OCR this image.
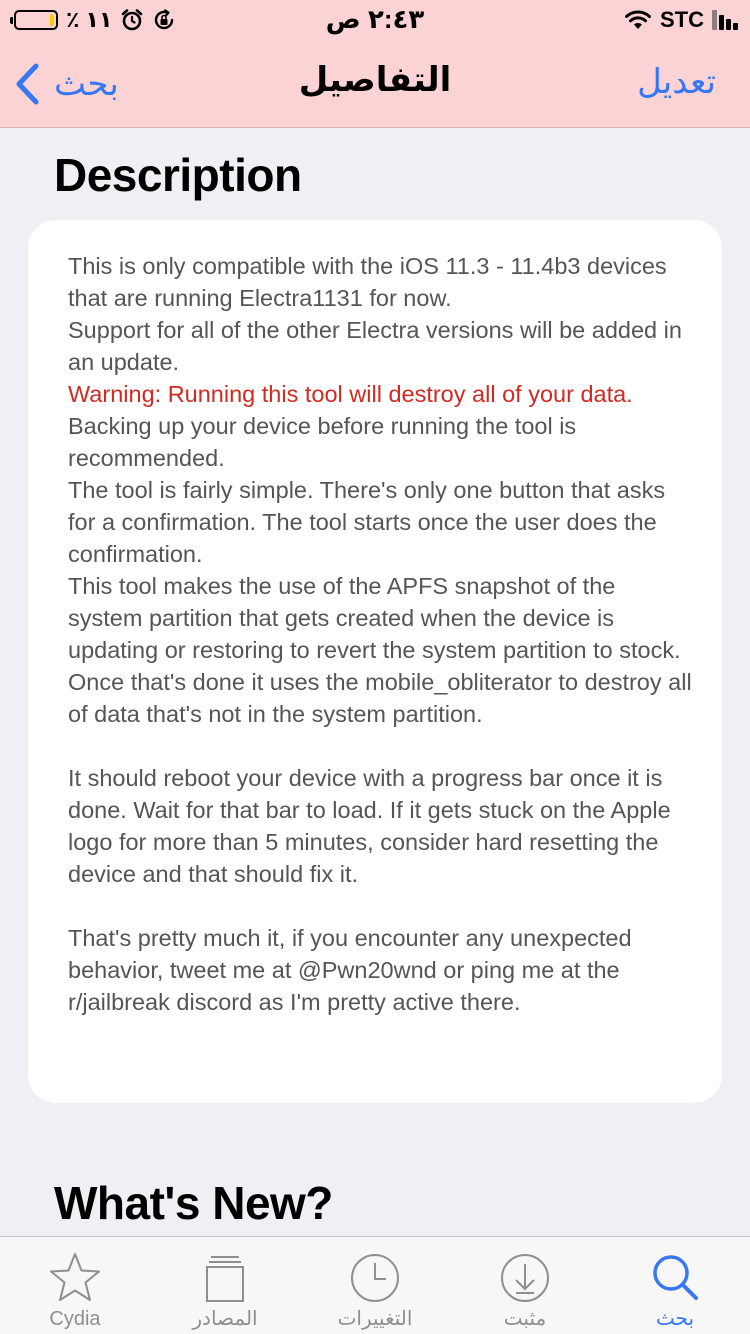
٪ ١١	٢:٤٣ ص	STC
بحث	التفاصيل	تعديل
Description

This is only compatible with the iOS 11.3 - 11.4b3 devices that are running Electra1131 for now.

Support for all of the other Electra versions will be added in an update.

Warning: Running this tool will destroy all of your data.

Backing up your device before running the tool is recommended.

The tool is fairly simple. There's only one button that asks for a confirmation. The tool starts once the user does the confirmation.

This tool makes the use of the APFS snapshot of the system partition that gets created when the device is updating or restoring to revert the system partition to stock.

Once that's done it uses the mobile_obliterator to destroy all of data that's not in the system partition.

It should reboot your device with a progress bar once it is done. Wait for that bar to load. If it gets stuck on the Apple logo for more than 5 minutes, consider hard resetting the device and that should fix it.

That's pretty much it, if you encounter any unexpected behavior, tweet me at @Pwn20wnd or ping me at the r/jailbreak discord as I'm pretty active there.

What's New?
Cydia	المصادر	التغييرات	مثبت	بحث
